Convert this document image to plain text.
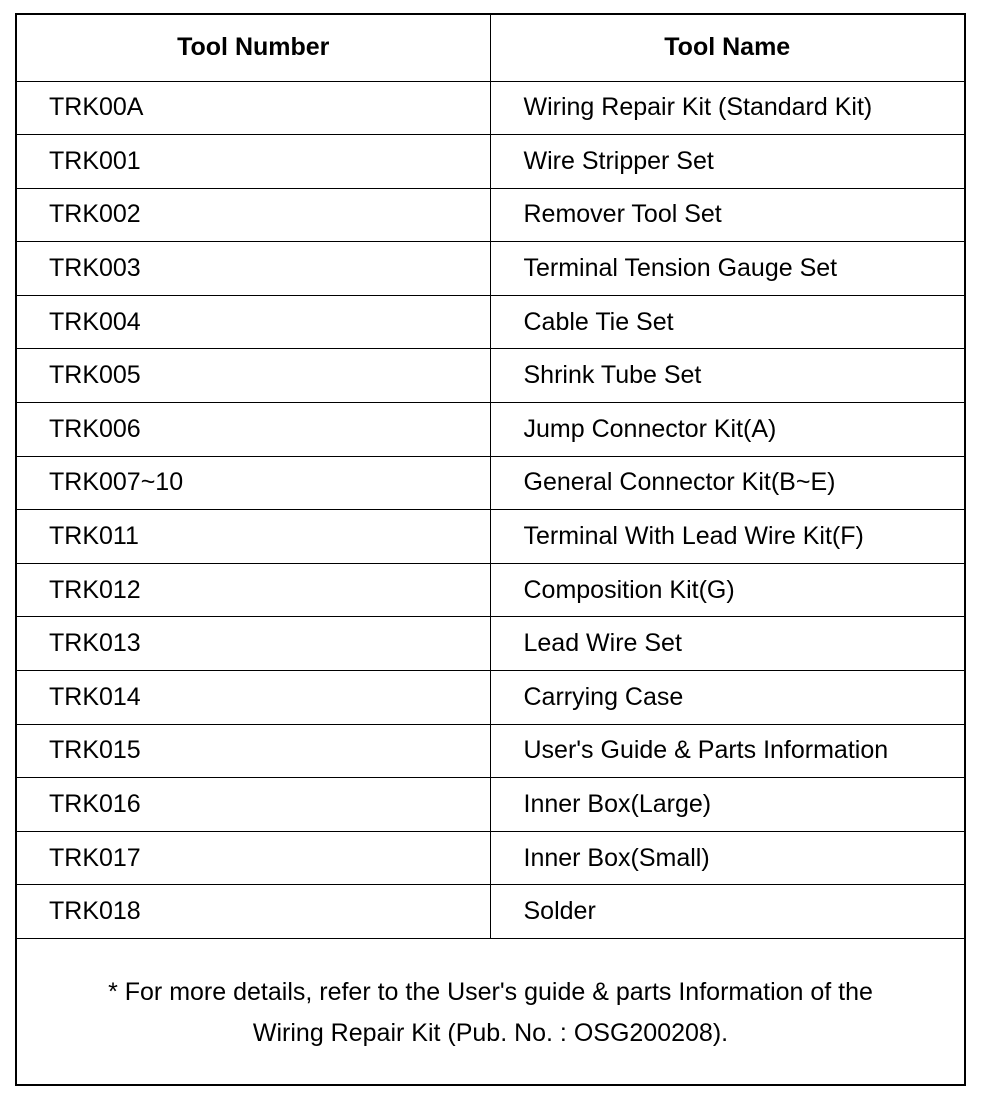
Tool Number	Tool Name
TRK00A	Wiring Repair Kit (Standard Kit)
TRK001	Wire Stripper Set
TRK002	Remover Tool Set
TRK003	Terminal Tension Gauge Set
TRK004	Cable Tie Set
TRK005	Shrink Tube Set
TRK006	Jump Connector Kit(A)
TRK007~10	General Connector Kit(B~E)
TRK011	Terminal With Lead Wire Kit(F)
TRK012	Composition Kit(G)
TRK013	Lead Wire Set
TRK014	Carrying Case
TRK015	User's Guide & Parts Information
TRK016	Inner Box(Large)
TRK017	Inner Box(Small)
TRK018	Solder
* For more details, refer to the User's guide & parts Information of the
Wiring Repair Kit (Pub. No. : OSG200208).
